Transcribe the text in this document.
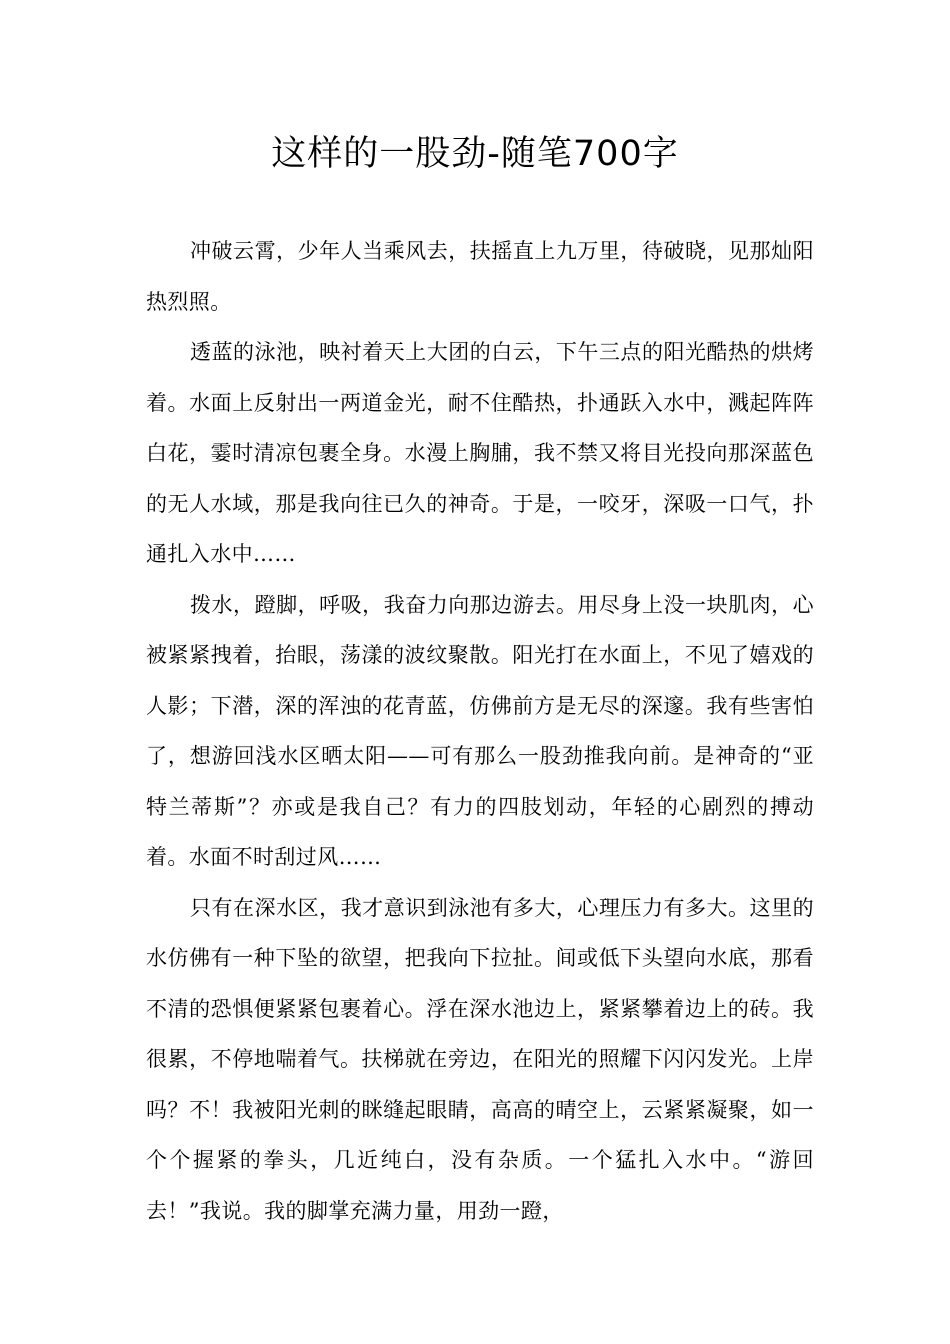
这样的一股劲-随笔700字

冲破云霄，少年人当乘风去，扶摇直上九万里，待破晓，见那灿阳热烈照。

透蓝的泳池，映衬着天上大团的白云，下午三点的阳光酷热的烘烤着。水面上反射出一两道金光，耐不住酷热，扑通跃入水中，溅起阵阵白花，霎时清凉包裹全身。水漫上胸脯，我不禁又将目光投向那深蓝色的无人水域，那是我向往已久的神奇。于是，一咬牙，深吸一口气，扑通扎入水中……

拨水，蹬脚，呼吸，我奋力向那边游去。用尽身上没一块肌肉，心被紧紧拽着，抬眼，荡漾的波纹聚散。阳光打在水面上，不见了嬉戏的人影；下潜，深的浑浊的花青蓝，仿佛前方是无尽的深邃。我有些害怕了，想游回浅水区晒太阳——可有那么一股劲推我向前。是神奇的“亚特兰蒂斯”？亦或是我自己？有力的四肢划动，年轻的心剧烈的搏动着。水面不时刮过风……

只有在深水区，我才意识到泳池有多大，心理压力有多大。这里的水仿佛有一种下坠的欲望，把我向下拉扯。间或低下头望向水底，那看不清的恐惧便紧紧包裹着心。浮在深水池边上，紧紧攀着边上的砖。我很累，不停地喘着气。扶梯就在旁边，在阳光的照耀下闪闪发光。上岸吗？不！我被阳光刺的眯缝起眼睛，高高的晴空上，云紧紧凝聚，如一个个握紧的拳头，几近纯白，没有杂质。一个猛扎入水中。“游回去！”我说。我的脚掌充满力量，用劲一蹬，
